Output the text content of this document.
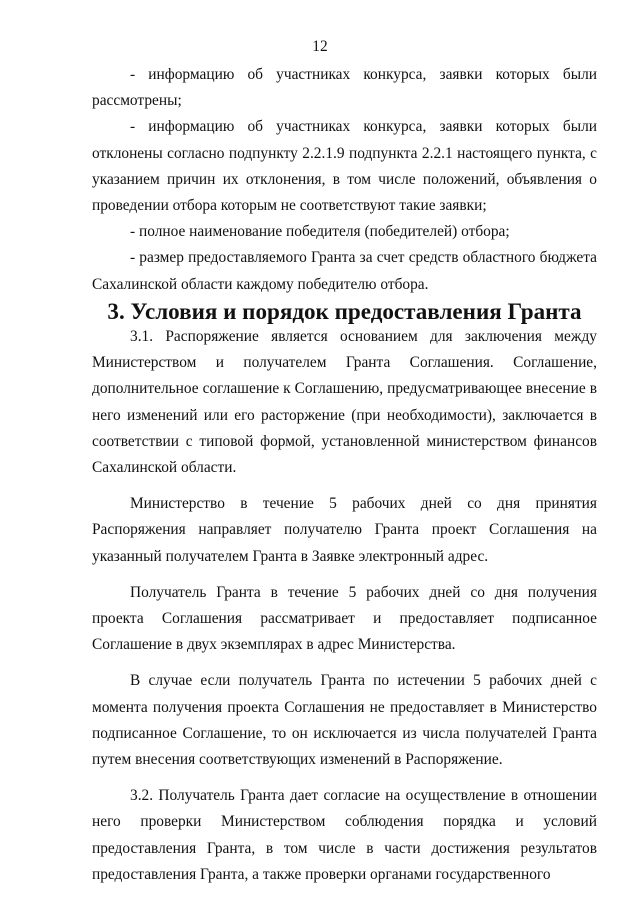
12

- информацию об участниках конкурса, заявки которых были рассмотрены;

- информацию об участниках конкурса, заявки которых были отклонены согласно подпункту 2.2.1.9 подпункта 2.2.1 настоящего пункта, с указанием причин их отклонения, в том числе положений, объявления о проведении отбора которым не соответствуют такие заявки;

- полное наименование победителя (победителей) отбора;

- размер предоставляемого Гранта за счет средств областного бюджета Сахалинской области каждому победителю отбора.

3. Условия и порядок предоставления Гранта

3.1. Распоряжение является основанием для заключения между Министерством и получателем Гранта Соглашения. Соглашение, дополнительное соглашение к Соглашению, предусматривающее внесение в него изменений или его расторжение (при необходимости), заключается в соответствии с типовой формой, установленной министерством финансов Сахалинской области.

Министерство в течение 5 рабочих дней со дня принятия Распоряжения направляет получателю Гранта проект Соглашения на указанный получателем Гранта в Заявке электронный адрес.

Получатель Гранта в течение 5 рабочих дней со дня получения проекта Соглашения рассматривает и предоставляет подписанное Соглашение в двух экземплярах в адрес Министерства.

В случае если получатель Гранта по истечении 5 рабочих дней с момента получения проекта Соглашения не предоставляет в Министерство подписанное Соглашение, то он исключается из числа получателей Гранта путем внесения соответствующих изменений в Распоряжение.

3.2. Получатель Гранта дает согласие на осуществление в отношении него проверки Министерством соблюдения порядка и условий предоставления Гранта, в том числе в части достижения результатов предоставления Гранта, а также проверки органами государственного
